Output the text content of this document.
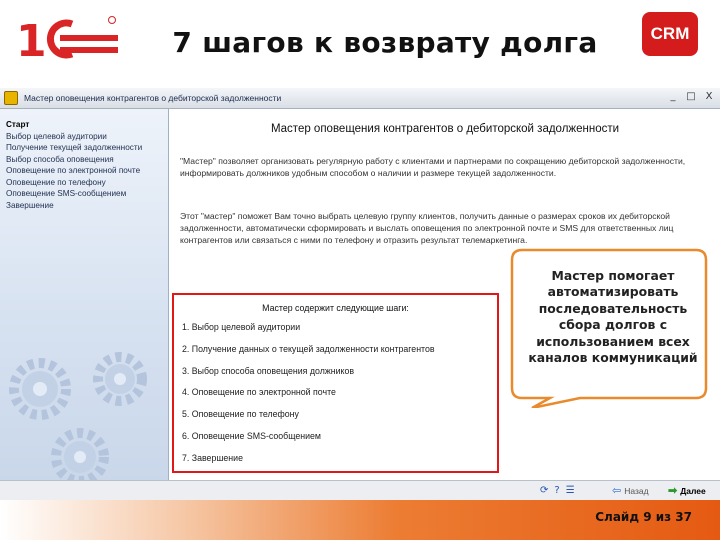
1	7 шагов к возврату долга	CRM
Мастер оповещения контрагентов о дебиторской задолженности	_ □ X
Старт
Выбор целевой аудитории
Получение текущей задолженности
Выбор способа оповещения
Оповещение по электронной почте
Оповещение по телефону
Оповещение SMS-сообщением
Завершение
Мастер оповещения контрагентов о дебиторской задолженности
"Мастер" позволяет организовать регулярную работу с клиентами и партнерами по сокращению дебиторской задолженности, информировать должников удобным способом о наличии и размере текущей задолженности.
Этот "мастер" поможет Вам точно выбрать целевую группу клиентов, получить данные о размерах сроков их дебиторской задолженности, автоматически сформировать и выслать оповещения по электронной почте и SMS для ответственных лиц контрагентов или связаться с ними по телефону и отразить результат телемаркетинга.
Мастер содержит следующие шаги:
1. Выбор целевой аудитории
2. Получение данных о текущей задолженности контрагентов
3. Выбор способа оповещения должников
4. Оповещение по электронной почте
5. Оповещение по телефону
6. Оповещение SMS-сообщением
7. Завершение
⟳ ? ☰	⇦ Назад ➡ Далее
Мастер помогает автоматизировать последовательность сбора долгов с использованием всех каналов коммуникаций
Слайд 9 из 37
